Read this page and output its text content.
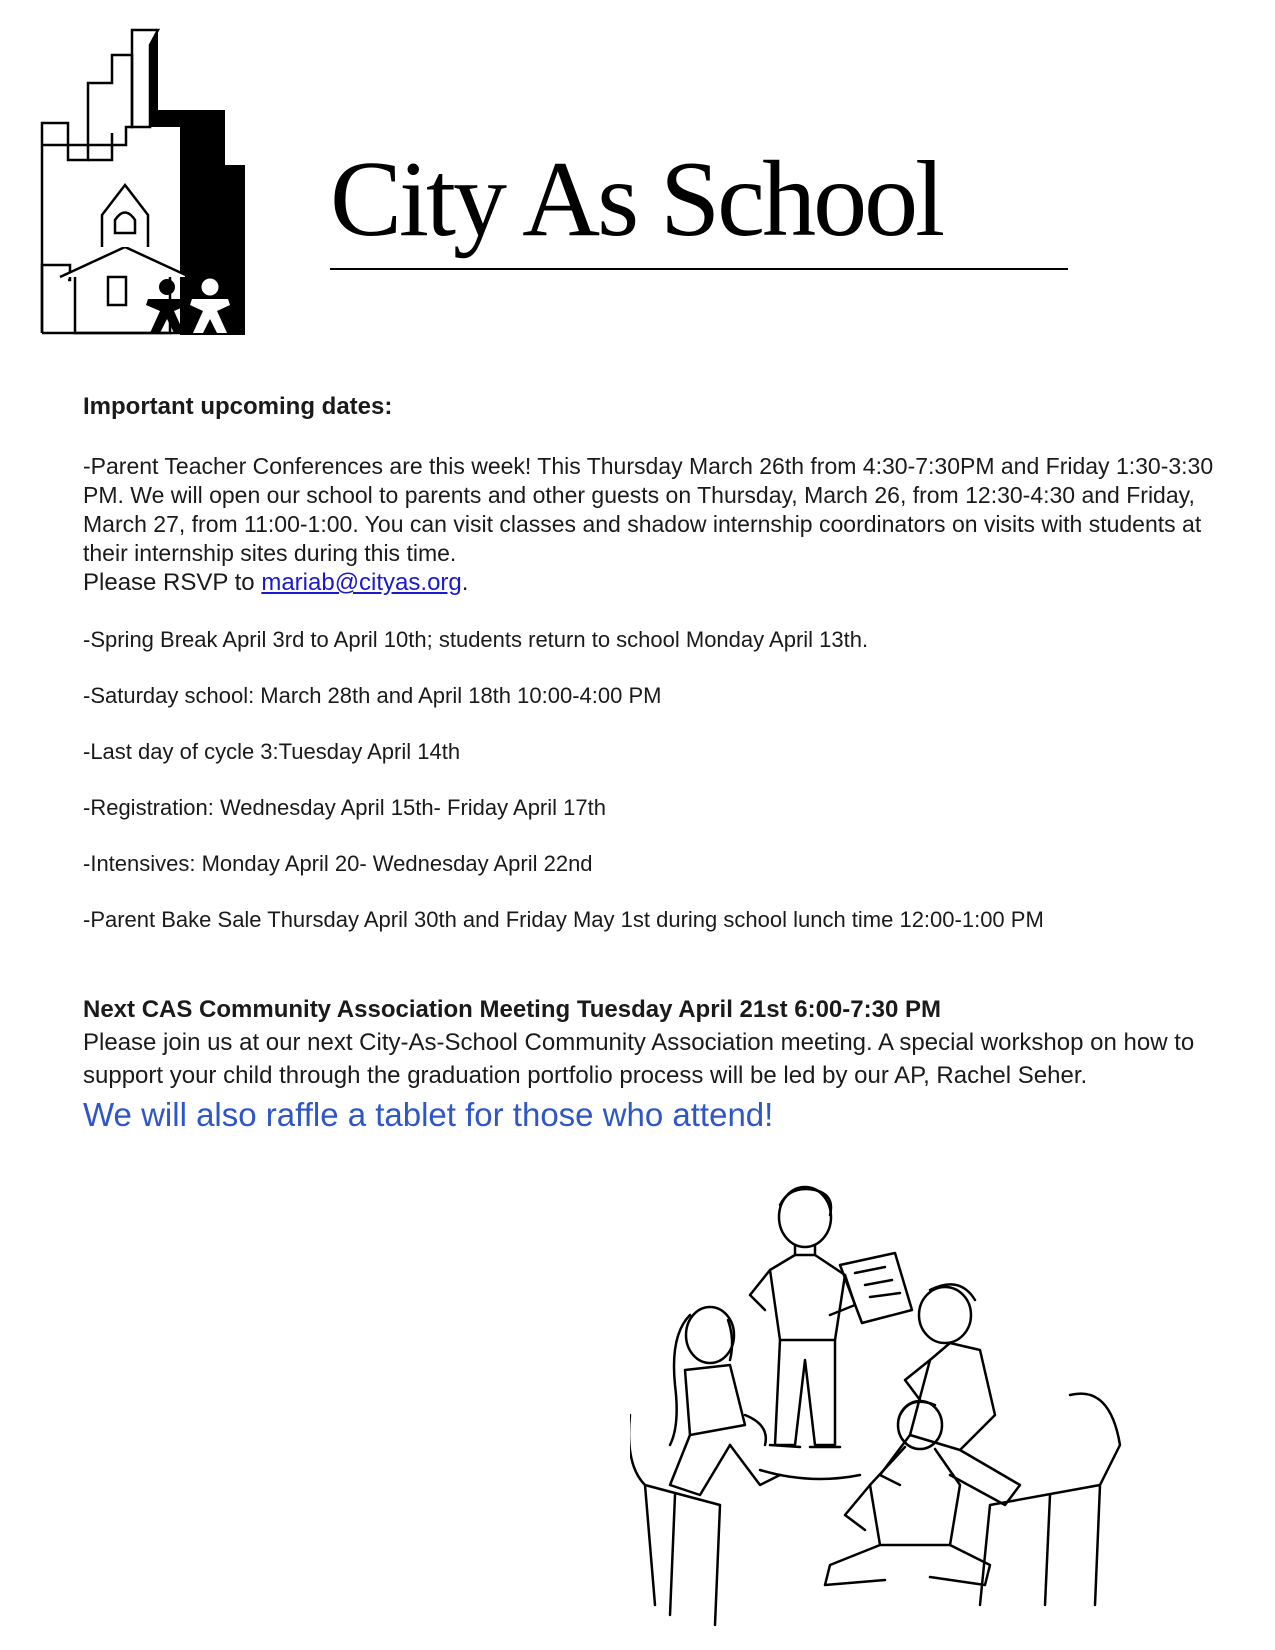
City As School

Important upcoming dates:

-Parent Teacher Conferences are this week! This Thursday March 26th from 4:30-7:30PM and Friday 1:30-3:30 PM. We will open our school to parents and other guests on Thursday, March 26, from 12:30-4:30 and Friday, March 27, from 11:00-1:00. You can visit classes and shadow internship coordinators on visits with students at their internship sites during this time.

Please RSVP to mariab@cityas.org.

-Spring Break April 3rd to April 10th; students return to school Monday April 13th.

-Saturday school: March 28th and April 18th 10:00-4:00 PM

-Last day of cycle 3:Tuesday April 14th

-Registration: Wednesday April 15th- Friday April 17th

-Intensives: Monday April 20- Wednesday April 22nd

-Parent Bake Sale Thursday April 30th and Friday May 1st during school lunch time 12:00-1:00 PM

Next CAS Community Association Meeting Tuesday April 21st 6:00-7:30 PM

Please join us at our next City-As-School Community Association meeting. A special workshop on how to support your child through the graduation portfolio process will be led by our AP, Rachel Seher.

We will also raffle a tablet for those who attend!
